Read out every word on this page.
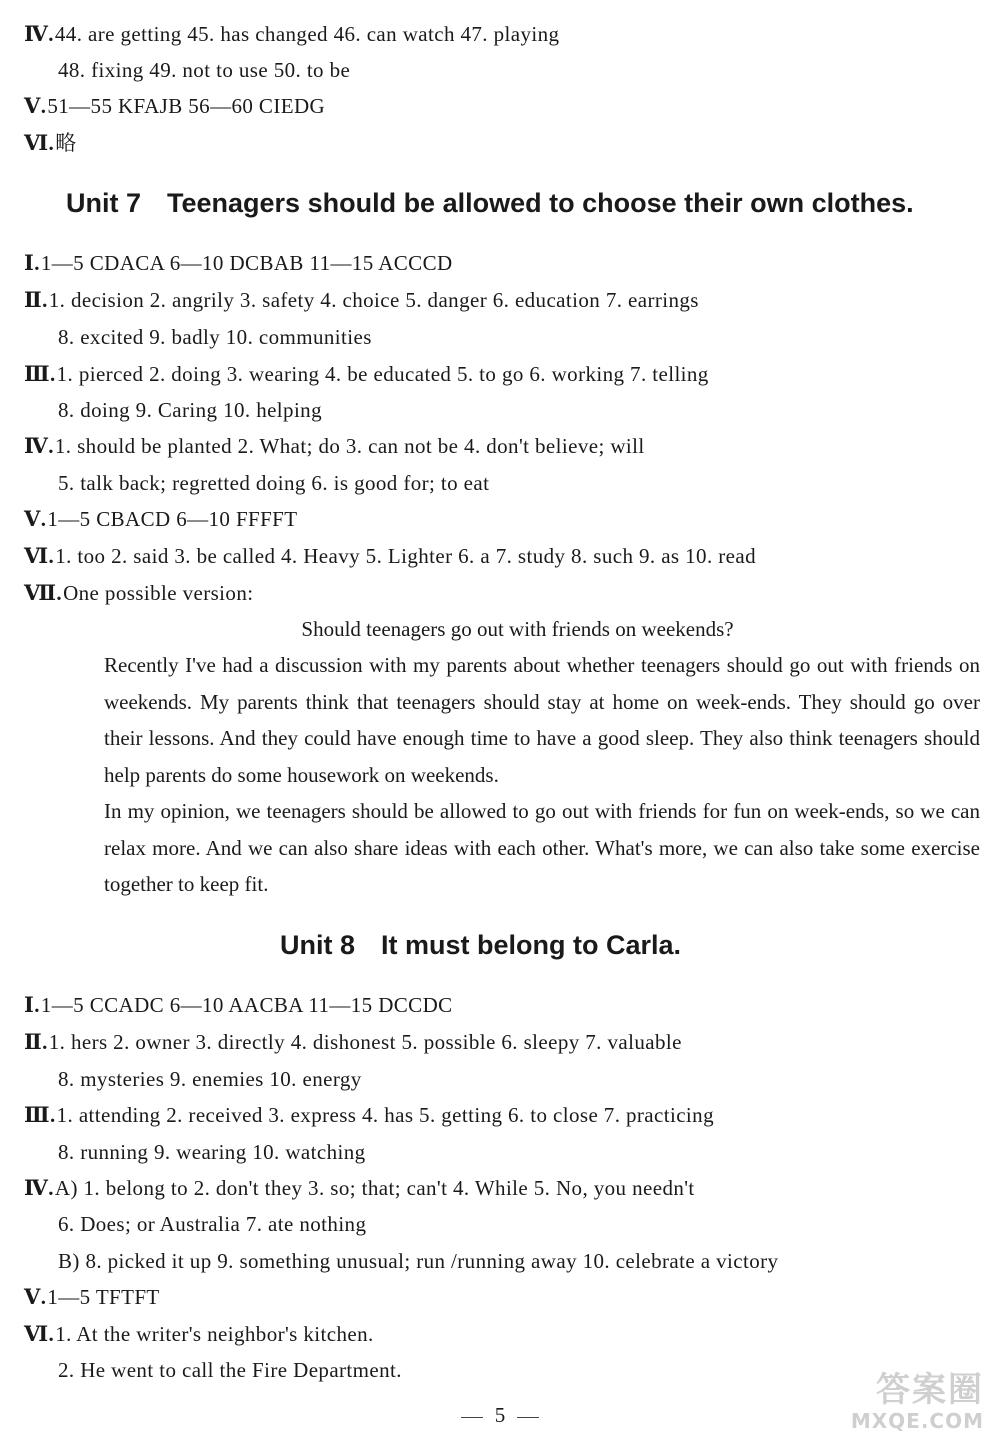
Ⅳ.44. are getting 45. has changed 46. can watch 47. playing
48. fixing 49. not to use 50. to be
Ⅴ.51—55 KFAJB 56—60 CIEDG
Ⅵ.略
Unit 7 Teenagers should be allowed to choose their own clothes.
Ⅰ.1—5 CDACA 6—10 DCBAB 11—15 ACCCD
Ⅱ.1. decision 2. angrily 3. safety 4. choice 5. danger 6. education 7. earrings
8. excited 9. badly 10. communities
Ⅲ.1. pierced 2. doing 3. wearing 4. be educated 5. to go 6. working 7. telling
8. doing 9. Caring 10. helping
Ⅳ.1. should be planted 2. What; do 3. can not be 4. don't believe; will
5. talk back; regretted doing 6. is good for; to eat
Ⅴ.1—5 CBACD 6—10 FFFFT
Ⅵ.1. too 2. said 3. be called 4. Heavy 5. Lighter 6. a 7. study 8. such 9. as 10. read
Ⅶ.One possible version:
Should teenagers go out with friends on weekends?
Recently I've had a discussion with my parents about whether teenagers should go out with friends on weekends. My parents think that teenagers should stay at home on week-ends. They should go over their lessons. And they could have enough time to have a good sleep. They also think teenagers should help parents do some housework on weekends.
In my opinion, we teenagers should be allowed to go out with friends for fun on week-ends, so we can relax more. And we can also share ideas with each other. What's more, we can also take some exercise together to keep fit.
Unit 8 It must belong to Carla.
Ⅰ.1—5 CCADC 6—10 AACBA 11—15 DCCDC
Ⅱ.1. hers 2. owner 3. directly 4. dishonest 5. possible 6. sleepy 7. valuable
8. mysteries 9. enemies 10. energy
Ⅲ.1. attending 2. received 3. express 4. has 5. getting 6. to close 7. practicing
8. running 9. wearing 10. watching
Ⅳ.A) 1. belong to 2. don't they 3. so; that; can't 4. While 5. No, you needn't
6. Does; or Australia 7. ate nothing
B) 8. picked it up 9. something unusual; run /running away 10. celebrate a victory
Ⅴ.1—5 TFTFT
Ⅵ.1. At the writer's neighbor's kitchen.
2. He went to call the Fire Department.
5
答案圈
MXQE.COM
